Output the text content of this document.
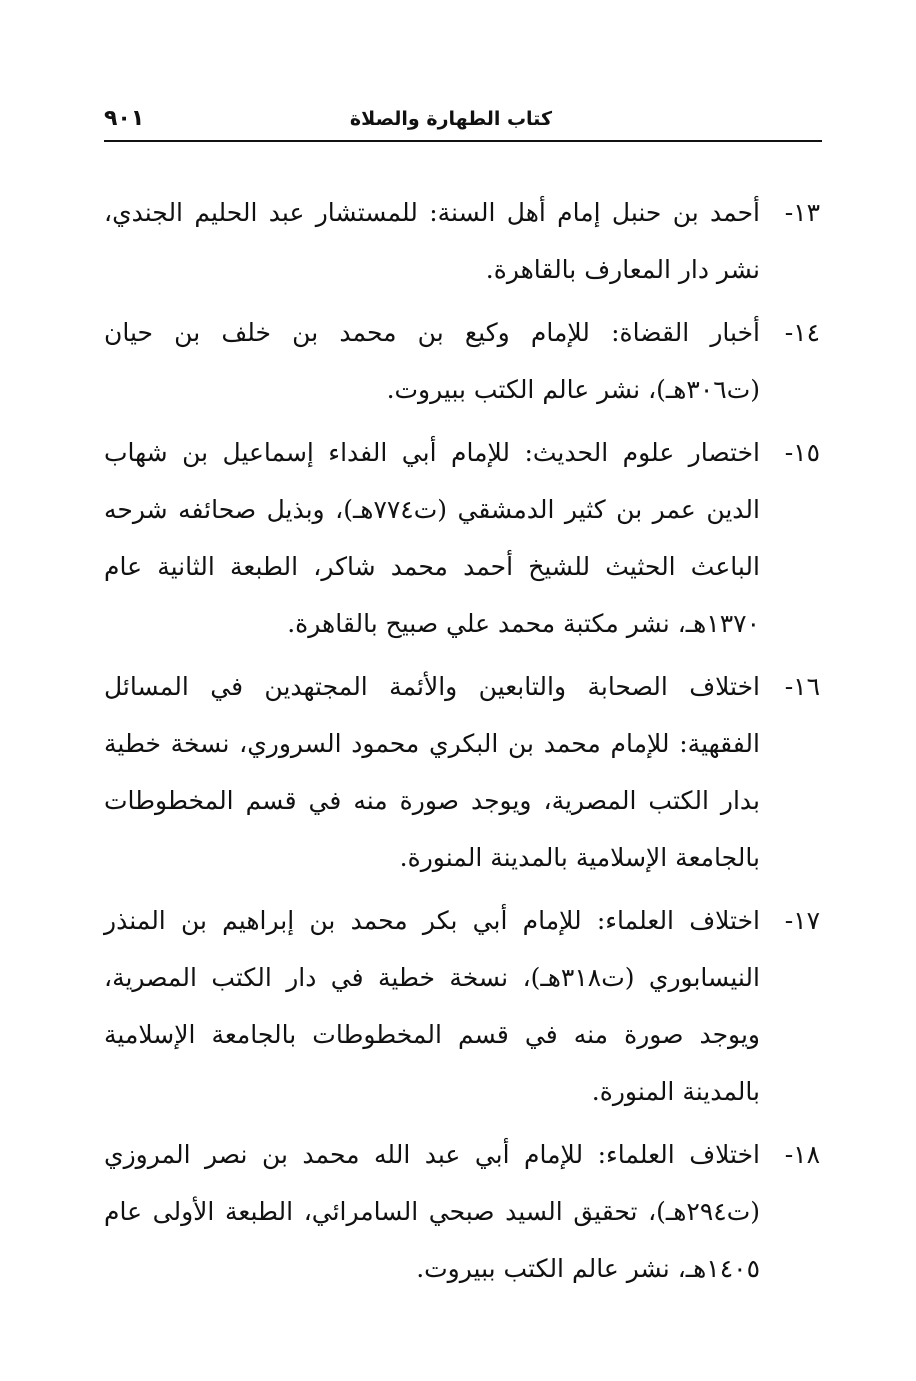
كتاب الطهارة والصلاة
٩٠١
١٣-
أحمد بن حنبل إمام أهل السنة: للمستشار عبد الحليم الجندي، نشر دار المعارف بالقاهرة.
١٤-
أخبار القضاة: للإمام وكيع بن محمد بن خلف بن حيان (ت٣٠٦هـ)، نشر عالم الكتب ببيروت.
١٥-
اختصار علوم الحديث: للإمام أبي الفداء إسماعيل بن شهاب الدين عمر بن كثير الدمشقي (ت٧٧٤هـ)، وبذيل صحائفه شرحه الباعث الحثيث للشيخ أحمد محمد شاكر، الطبعة الثانية عام ١٣٧٠هـ، نشر مكتبة محمد علي صبيح بالقاهرة.
١٦-
اختلاف الصحابة والتابعين والأئمة المجتهدين في المسائل الفقهية: للإمام محمد بن البكري محمود السروري، نسخة خطية بدار الكتب المصرية، ويوجد صورة منه في قسم المخطوطات بالجامعة الإسلامية بالمدينة المنورة.
١٧-
اختلاف العلماء: للإمام أبي بكر محمد بن إبراهيم بن المنذر النيسابوري (ت٣١٨هـ)، نسخة خطية في دار الكتب المصرية، ويوجد صورة منه في قسم المخطوطات بالجامعة الإسلامية بالمدينة المنورة.
١٨-
اختلاف العلماء: للإمام أبي عبد الله محمد بن نصر المروزي (ت٢٩٤هـ)، تحقيق السيد صبحي السامرائي، الطبعة الأولى عام ١٤٠٥هـ، نشر عالم الكتب ببيروت.
